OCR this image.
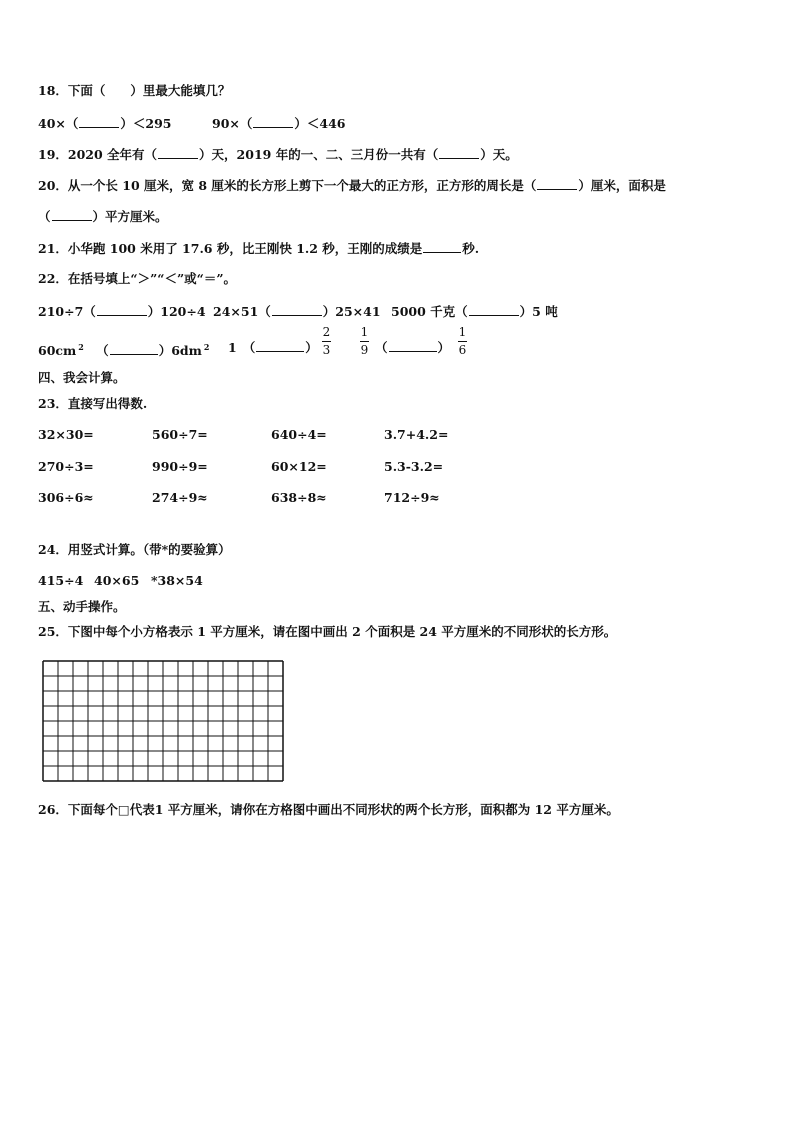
18．下面（　　）里最大能填几？
40×（	）＜295	90×（	）＜446
19．2020 全年有（	）天，2019 年的一、二、三月份一共有（	）天。
20．从一个长 10 厘米，宽 8 厘米的长方形上剪下一个最大的正方形，正方形的周长是（	）厘米，面积是
（	）平方厘米。
21．小华跑 100 米用了 17.6 秒，比王刚快 1.2 秒，王刚的成绩是	秒.
22．在括号填上“＞”“＜”或“＝”。
210÷7（	）120÷4 24×51（	）25×41 5000 千克（	）5 吨
60cm $^2$ （	）6dm $^2$ 1 （	）
2
3
1
9 （	）
1
6
四、我会计算。
23．直接写出得数.
32×30=	560÷7=	640÷4=	3.7+4.2=
270÷3=	990÷9=	60×12=	5.3-3.2=
306÷6≈	274÷9≈	638÷8≈	712÷9≈
24．用竖式计算。（带*的要验算）
415÷4 40×65 *38×54
五、动手操作。
25．下图中每个小方格表示 1 平方厘米，请在图中画出 2 个面积是 24 平方厘米的不同形状的长方形。
26．下面每个□代表1 平方厘米，请你在方格图中画出不同形状的两个长方形，面积都为 12 平方厘米。
